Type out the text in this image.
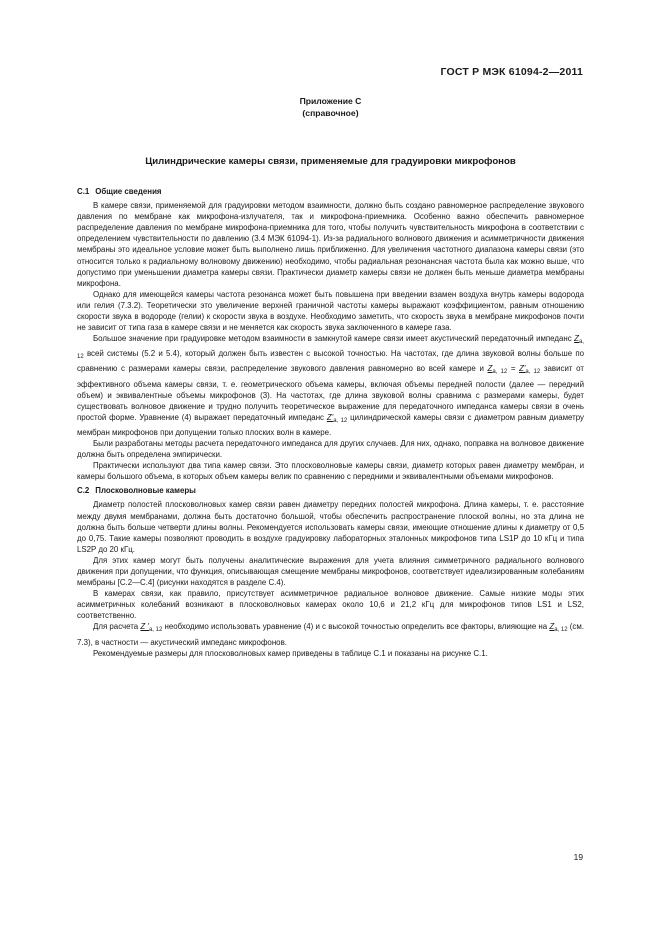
ГОСТ Р МЭК 61094-2—2011
Приложение С
(справочное)
Цилиндрические камеры связи, применяемые для градуировки микрофонов
С.1 Общие сведения

В камере связи, применяемой для градуировки методом взаимности, должно быть создано равномерное распределение звукового давления по мембране как микрофона-излучателя, так и микрофона-приемника. Особенно важно обеспечить равномерное распределение давления по мембране микрофона-приемника для того, чтобы получить чувствительность микрофона в соответствии с определением чувствительности по давлению (3.4 МЭК 61094-1). Из-за радиального волнового движения и асимметричности движения мембраны это идеальное условие может быть выполнено лишь приближенно. Для увеличения частотного диапазона камеры связи (это относится только к радиальному волновому движению) необходимо, чтобы радиальная резонансная частота была как можно выше, что допустимо при уменьшении диаметра камеры связи. Практически диаметр камеры связи не должен быть меньше диаметра мембраны микрофона.

Однако для имеющейся камеры частота резонанса может быть повышена при введении взамен воздуха внутрь камеры водорода или гелия (7.3.2). Теоретически это увеличение верхней граничной частоты камеры выражают коэффициентом, равным отношению скорости звука в водороде (гелии) к скорости звука в воздухе. Необходимо заметить, что скорость звука в мембране микрофонов почти не зависит от типа газа в камере связи и не меняется как скорость звука заключенного в камере газа.

Большое значение при градуировке методом взаимности в замкнутой камере связи имеет акустический передаточный импеданс $Z_{a, 12}$ всей системы (5.2 и 5.4), который должен быть известен с высокой точностью. На частотах, где длина звуковой волны больше по сравнению с размерами камеры связи, распределение звукового давления равномерно во всей камере и $Z_{a, 12} = Z'_{a, 12}$ зависит от эффективного объема камеры связи, т. е. геометрического объема камеры, включая объемы передней полости (далее — передний объем) и эквивалентные объемы микрофонов (3). На частотах, где длина звуковой волны сравнима с размерами камеры, будет существовать волновое движение и трудно получить теоретическое выражение для передаточного импеданса камеры связи в очень простой форме. Уравнение (4) выражает передаточный импеданс $Z'_{a, 12}$ цилиндрической камеры связи с диаметром равным диаметру мембран микрофонов при допущении только плоских волн в камере.

Были разработаны методы расчета передаточного импеданса для других случаев. Для них, однако, поправка на волновое движение должна быть определена эмпирически.

Практически используют два типа камер связи. Это плосковолновые камеры связи, диаметр которых равен диаметру мембран, и камеры большого объема, в которых объем камеры велик по сравнению с передними и эквивалентными объемами микрофонов.

С.2 Плосковолновые камеры

Диаметр полостей плосковолновых камер связи равен диаметру передних полостей микрофона. Длина камеры, т. е. расстояние между двумя мембранами, должна быть достаточно большой, чтобы обеспечить распространение плоской волны, но эта длина не должна быть больше четверти длины волны. Рекомендуется использовать камеры связи, имеющие отношение длины к диаметру от 0,5 до 0,75. Такие камеры позволяют проводить в воздухе градуировку лабораторных эталонных микрофонов типа LS1P до 10 кГц и типа LS2P до 20 кГц.

Для этих камер могут быть получены аналитические выражения для учета влияния симметричного радиального волнового движения при допущении, что функция, описывающая смещение мембраны микрофонов, соответствует идеализированным колебаниям мембраны [С.2—С.4] (рисунки находятся в разделе С.4).

В камерах связи, как правило, присутствует асимметричное радиальное волновое движение. Самые низкие моды этих асимметричных колебаний возникают в плосковолновых камерах около 10,6 и 21,2 кГц для микрофонов типов LS1 и LS2, соответственно.

Для расчета Z '$_{a, 12}$ необходимо использовать уравнение (4) и с высокой точностью определить все факторы, влияющие на $Z_{a, 12}$ (см. 7.3), в частности — акустический импеданс микрофонов.

Рекомендуемые размеры для плосковолновых камер приведены в таблице С.1 и показаны на рисунке С.1.

19
